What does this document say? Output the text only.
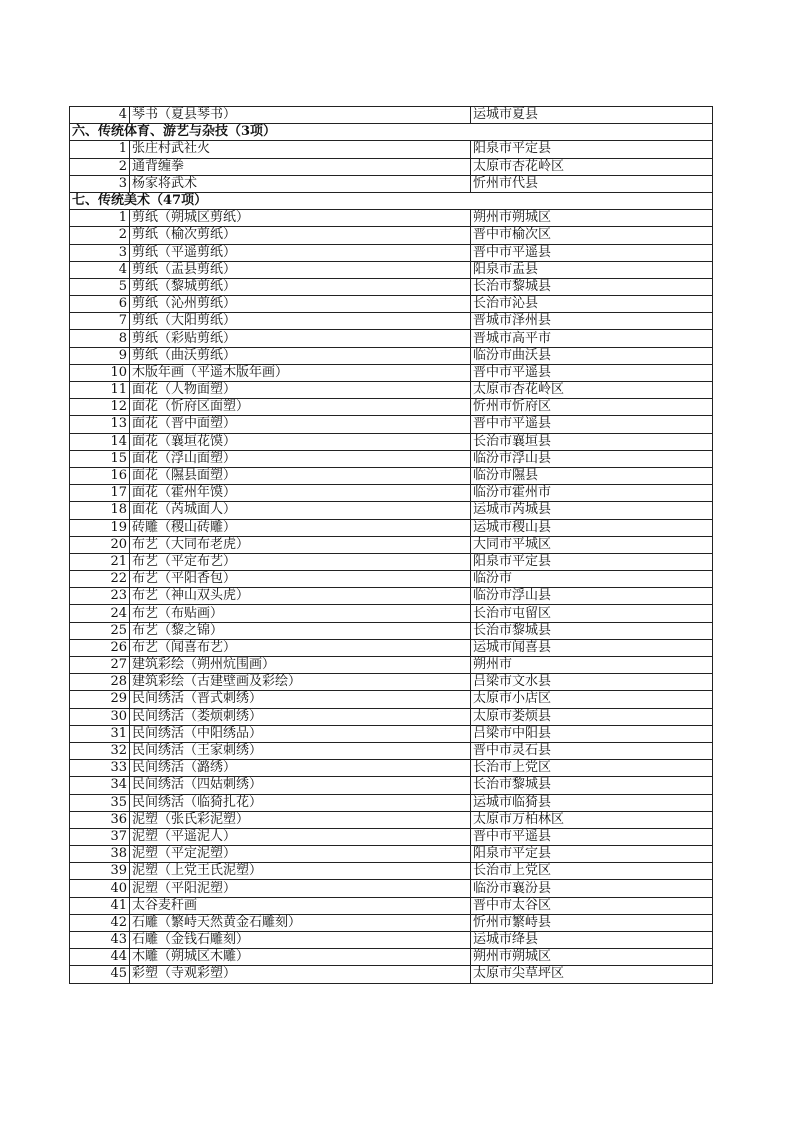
4	琴书（夏县琴书）	运城市夏县
六、传统体育、游艺与杂技（3项）		
1	张庄村武社火	阳泉市平定县
2	通背缠拳	太原市杏花岭区
3	杨家将武术	忻州市代县
七、传统美术（47项）		
1	剪纸（朔城区剪纸）	朔州市朔城区
2	剪纸（榆次剪纸）	晋中市榆次区
3	剪纸（平遥剪纸）	晋中市平遥县
4	剪纸（盂县剪纸）	阳泉市盂县
5	剪纸（黎城剪纸）	长治市黎城县
6	剪纸（沁州剪纸）	长治市沁县
7	剪纸（大阳剪纸）	晋城市泽州县
8	剪纸（彩贴剪纸）	晋城市高平市
9	剪纸（曲沃剪纸）	临汾市曲沃县
10	木版年画（平遥木版年画）	晋中市平遥县
11	面花（人物面塑）	太原市杏花岭区
12	面花（忻府区面塑）	忻州市忻府区
13	面花（晋中面塑）	晋中市平遥县
14	面花（襄垣花馍）	长治市襄垣县
15	面花（浮山面塑）	临汾市浮山县
16	面花（隰县面塑）	临汾市隰县
17	面花（霍州年馍）	临汾市霍州市
18	面花（芮城面人）	运城市芮城县
19	砖雕（稷山砖雕）	运城市稷山县
20	布艺（大同布老虎）	大同市平城区
21	布艺（平定布艺）	阳泉市平定县
22	布艺（平阳香包）	临汾市
23	布艺（神山双头虎）	临汾市浮山县
24	布艺（布贴画）	长治市屯留区
25	布艺（黎之锦）	长治市黎城县
26	布艺（闻喜布艺）	运城市闻喜县
27	建筑彩绘（朔州炕围画）	朔州市
28	建筑彩绘（古建壁画及彩绘）	吕梁市文水县
29	民间绣活（晋式刺绣）	太原市小店区
30	民间绣活（娄烦刺绣）	太原市娄烦县
31	民间绣活（中阳绣品）	吕梁市中阳县
32	民间绣活（王家刺绣）	晋中市灵石县
33	民间绣活（潞绣）	长治市上党区
34	民间绣活（四姑刺绣）	长治市黎城县
35	民间绣活（临猗扎花）	运城市临猗县
36	泥塑（张氏彩泥塑）	太原市万柏林区
37	泥塑（平遥泥人）	晋中市平遥县
38	泥塑（平定泥塑）	阳泉市平定县
39	泥塑（上党王氏泥塑）	长治市上党区
40	泥塑（平阳泥塑）	临汾市襄汾县
41	太谷麦秆画	晋中市太谷区
42	石雕（繁峙天然黄金石雕刻）	忻州市繁峙县
43	石雕（金钱石雕刻）	运城市绛县
44	木雕（朔城区木雕）	朔州市朔城区
45	彩塑（寺观彩塑）	太原市尖草坪区
